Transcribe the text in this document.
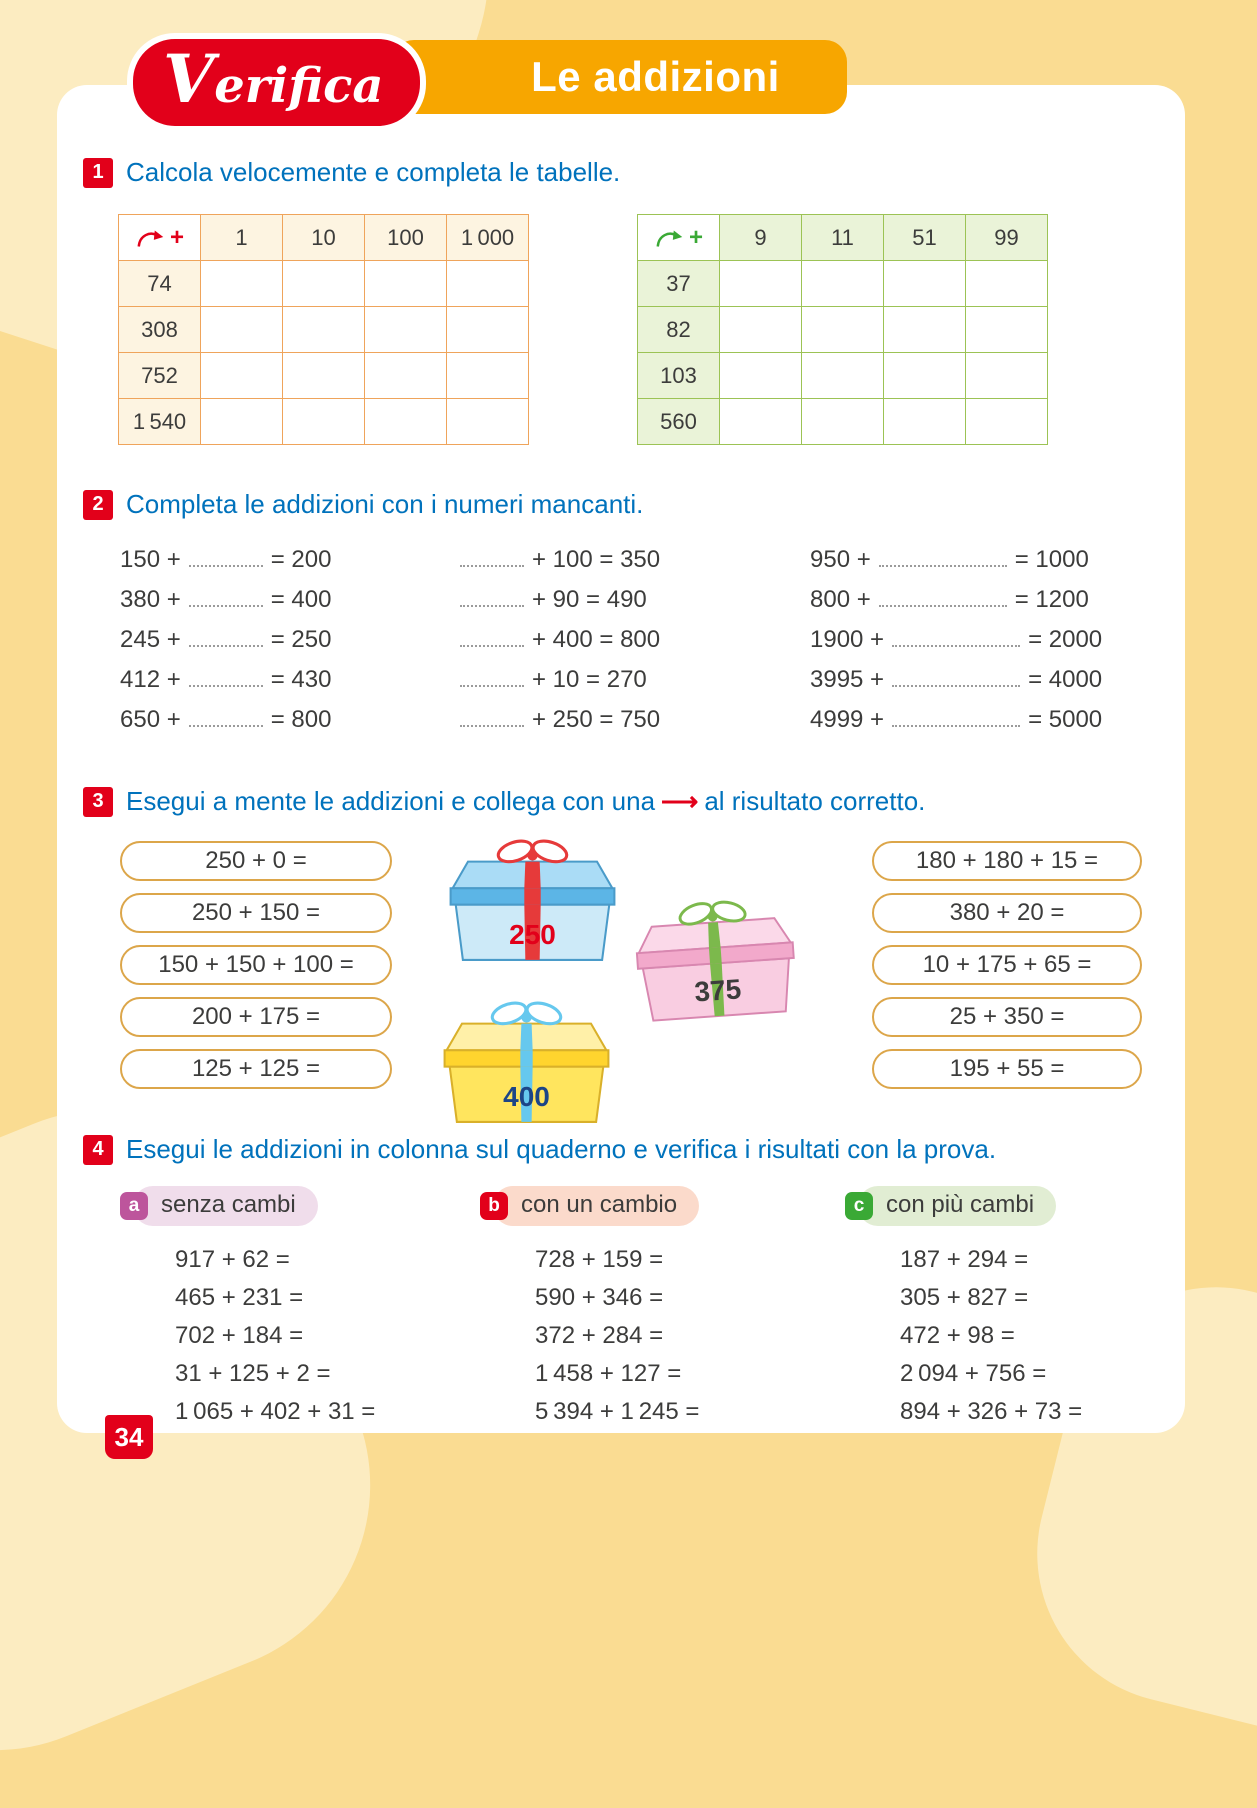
Le addizioni
Verifica
1 Calcola velocemente e completa le tabelle.
+	1	10	100	1 000
74				
308				
752				
1 540				
+	9	11	51	99
37				
82				
103				
560				
2 Completa le addizioni con i numeri mancanti.
150 +	= 200
380 +	= 400
245 +	= 250
412 +	= 430
650 +	= 800
+ 100 = 350
+ 90 = 490
+ 400 = 800
+ 10 = 270
+ 250 = 750
950 +	= 1000
800 +	= 1200
1900 +	= 2000
3995 +	= 4000
4999 +	= 5000
3 Esegui a mente le addizioni e collega con una ⟶ al risultato corretto.
250 + 0 =
250 + 150 =
150 + 150 + 100 =
200 + 175 =
125 + 125 =
250
375
400
180 + 180 + 15 =
380 + 20 =
10 + 175 + 65 =
25 + 350 =
195 + 55 =
4 Esegui le addizioni in colonna sul quaderno e verifica i risultati con la prova.
a senza cambi
917 + 62 =
465 + 231 =
702 + 184 =
31 + 125 + 2 =
1 065 + 402 + 31 =
b con un cambio
728 + 159 =
590 + 346 =
372 + 284 =
1 458 + 127 =
5 394 + 1 245 =
c con più cambi
187 + 294 =
305 + 827 =
472 + 98 =
2 094 + 756 =
894 + 326 + 73 =
34
